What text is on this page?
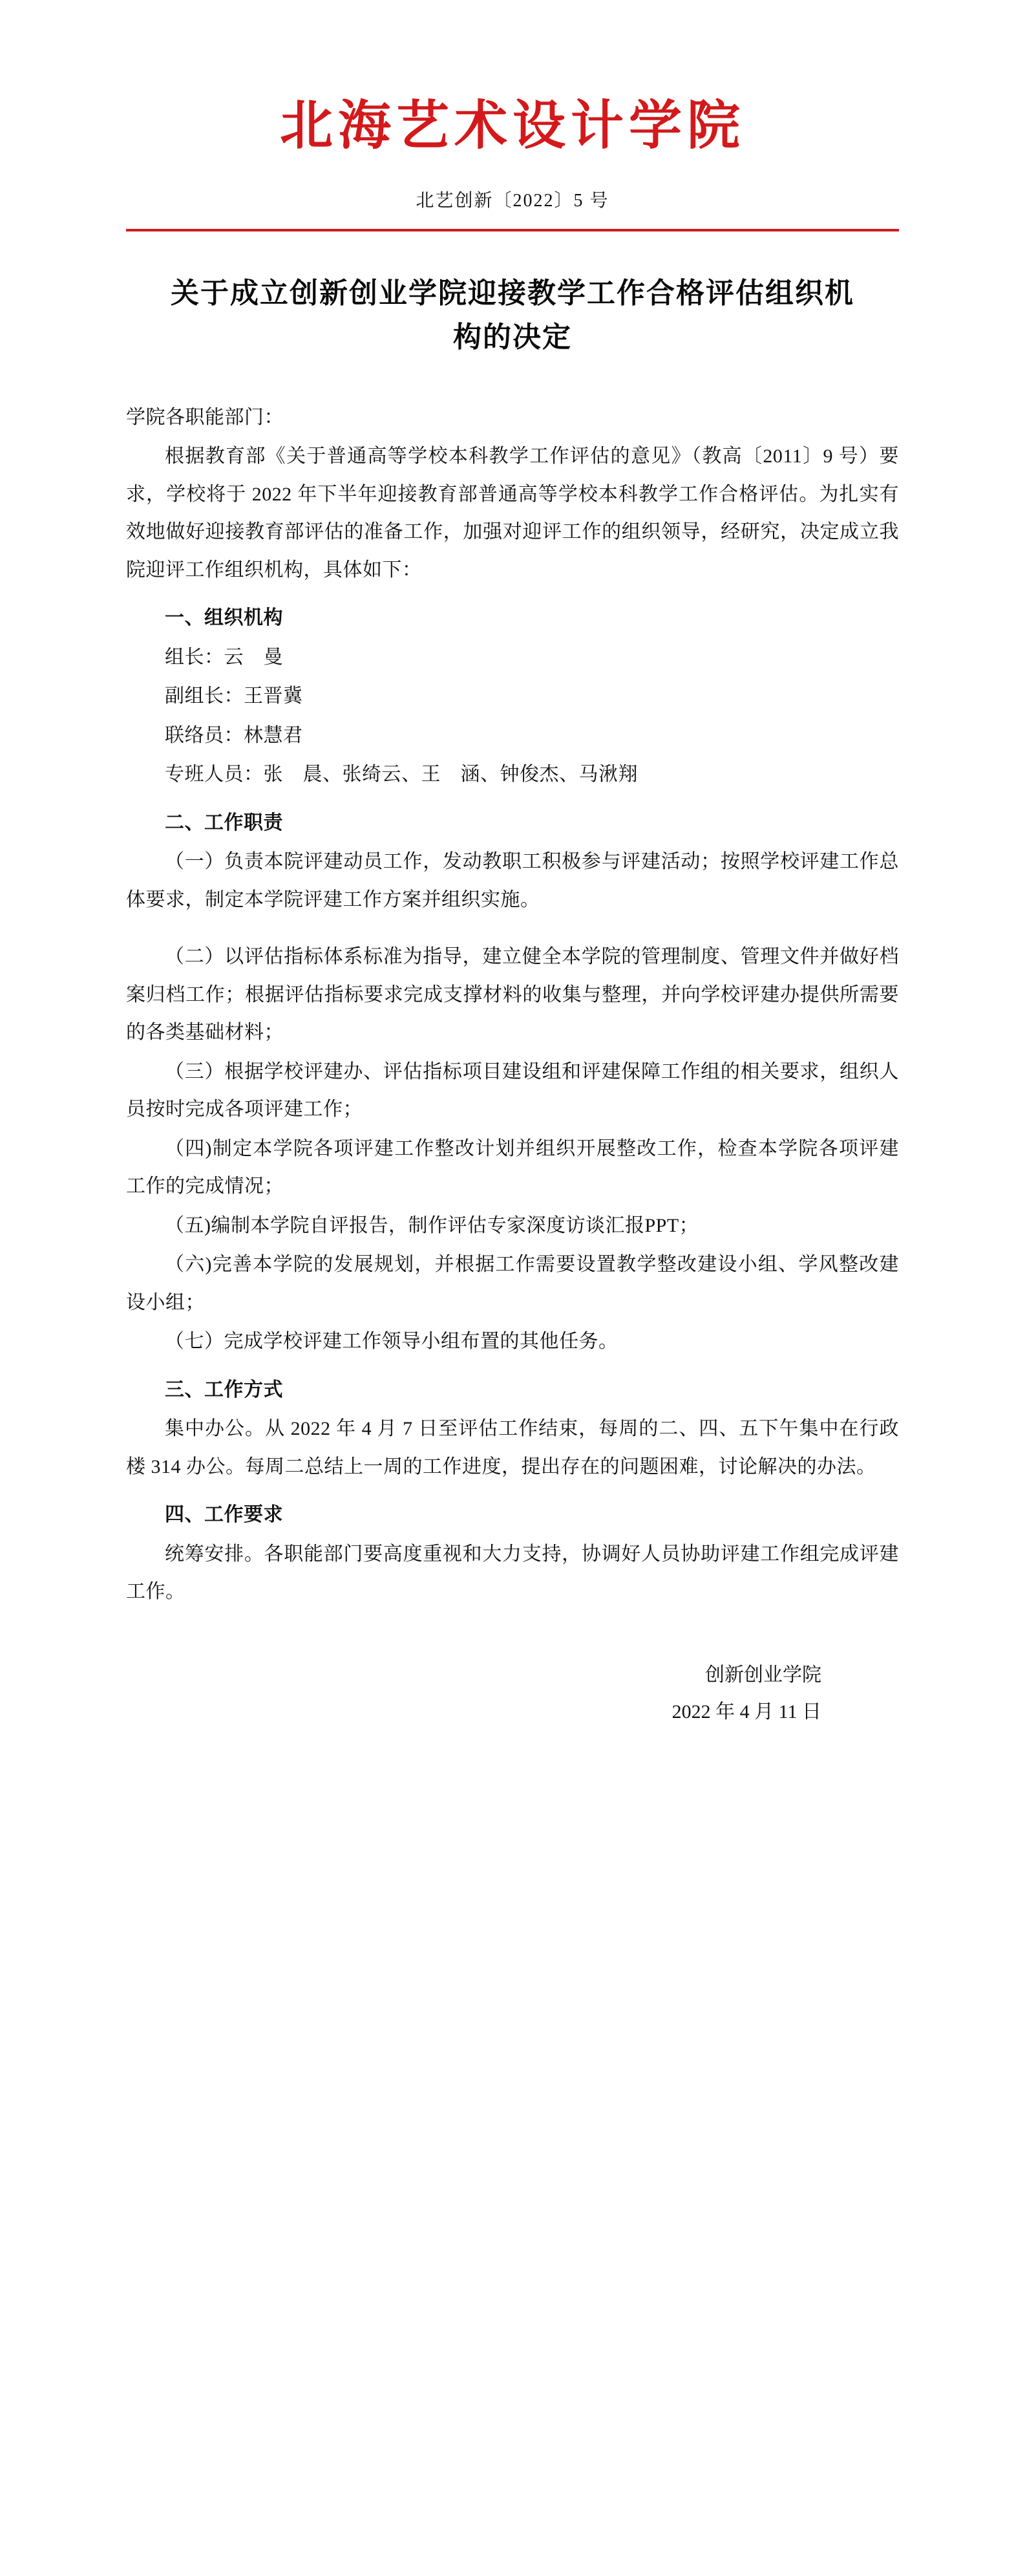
北海艺术设计学院
北艺创新〔2022〕5 号
关于成立创新创业学院迎接教学工作合格评估组织机构的决定

学院各职能部门：

根据教育部《关于普通高等学校本科教学工作评估的意见》（教高〔2011〕9 号）要求，学校将于 2022 年下半年迎接教育部普通高等学校本科教学工作合格评估。为扎实有效地做好迎接教育部评估的准备工作，加强对迎评工作的组织领导，经研究，决定成立我院迎评工作组织机构，具体如下：

一、组织机构

组长：云　曼

副组长：王晋冀

联络员：林慧君

专班人员：张　晨、张绮云、王　涵、钟俊杰、马湫翔

二、工作职责

（一）负责本院评建动员工作，发动教职工积极参与评建活动；按照学校评建工作总体要求，制定本学院评建工作方案并组织实施。

（二）以评估指标体系标准为指导，建立健全本学院的管理制度、管理文件并做好档案归档工作；根据评估指标要求完成支撑材料的收集与整理，并向学校评建办提供所需要的各类基础材料；

（三）根据学校评建办、评估指标项目建设组和评建保障工作组的相关要求，组织人员按时完成各项评建工作；

（四)制定本学院各项评建工作整改计划并组织开展整改工作，检查本学院各项评建工作的完成情况；

（五)编制本学院自评报告，制作评估专家深度访谈汇报PPT；

（六)完善本学院的发展规划，并根据工作需要设置教学整改建设小组、学风整改建设小组；

（七）完成学校评建工作领导小组布置的其他任务。

三、工作方式

集中办公。从 2022 年 4 月 7 日至评估工作结束，每周的二、四、五下午集中在行政楼 314 办公。每周二总结上一周的工作进度，提出存在的问题困难，讨论解决的办法。

四、工作要求

统筹安排。各职能部门要高度重视和大力支持，协调好人员协助评建工作组完成评建工作。

创新创业学院
2022 年 4 月 11 日
